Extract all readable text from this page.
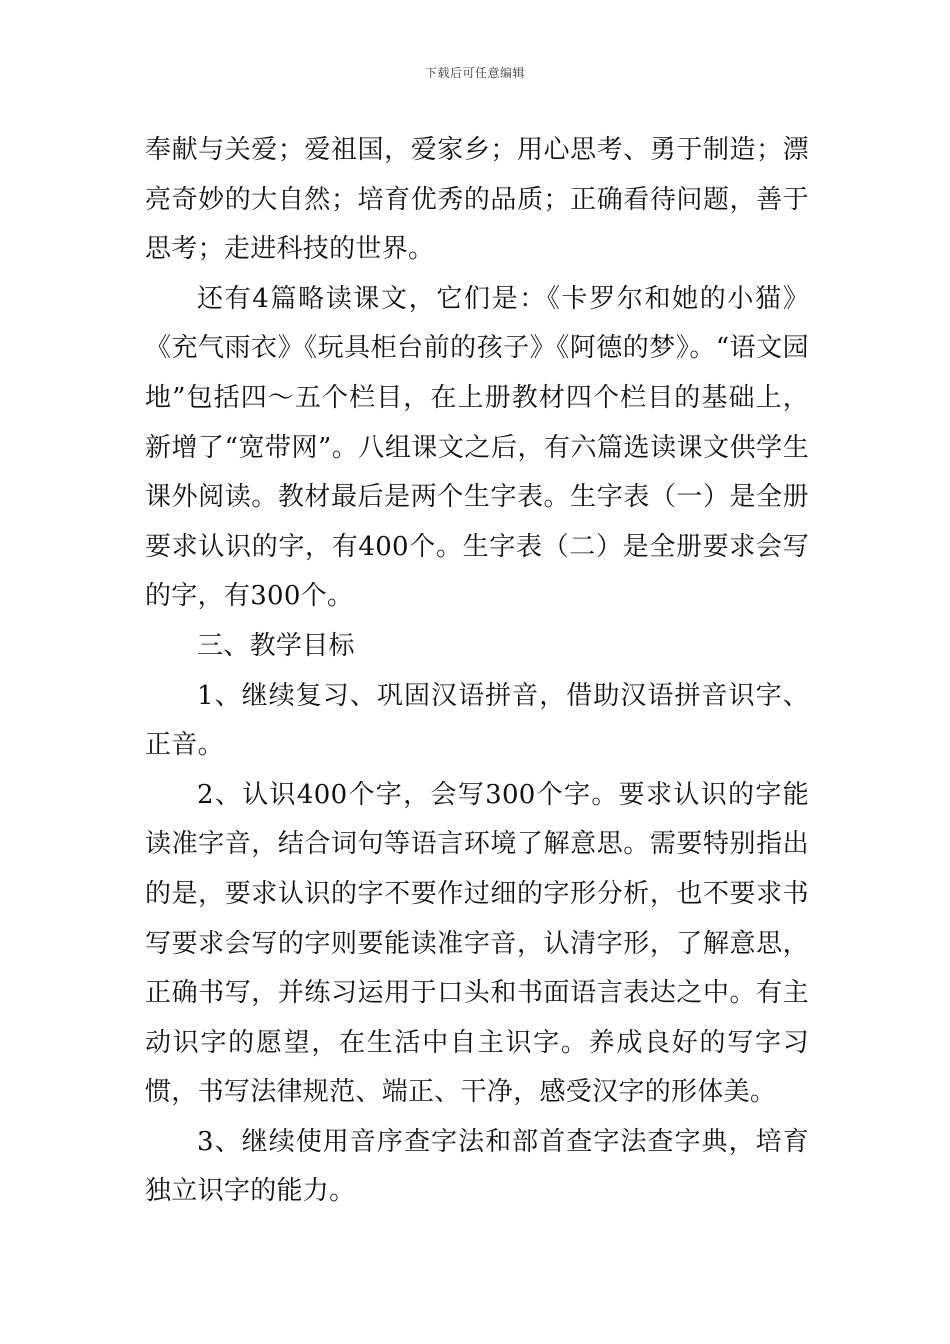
下载后可任意编辑

奉献与关爱；爱祖国，爱家乡；用心思考、勇于制造；漂亮奇妙的大自然；培育优秀的品质；正确看待问题，善于思考；走进科技的世界。

还有4篇略读课文，它们是：《卡罗尔和她的小猫》《充气雨衣》《玩具柜台前的孩子》《阿德的梦》。“语文园地”包括四～五个栏目，在上册教材四个栏目的基础上，新增了“宽带网”。八组课文之后，有六篇选读课文供学生课外阅读。教材最后是两个生字表。生字表（一）是全册要求认识的字，有400个。生字表（二）是全册要求会写的字，有300个。

三、教学目标

1、继续复习、巩固汉语拼音，借助汉语拼音识字、正音。

2、认识400个字，会写300个字。要求认识的字能读准字音，结合词句等语言环境了解意思。需要特别指出的是，要求认识的字不要作过细的字形分析，也不要求书写要求会写的字则要能读准字音，认清字形，了解意思，正确书写，并练习运用于口头和书面语言表达之中。有主动识字的愿望，在生活中自主识字。养成良好的写字习惯，书写法律规范、端正、干净，感受汉字的形体美。

3、继续使用音序查字法和部首查字法查字典，培育独立识字的能力。
